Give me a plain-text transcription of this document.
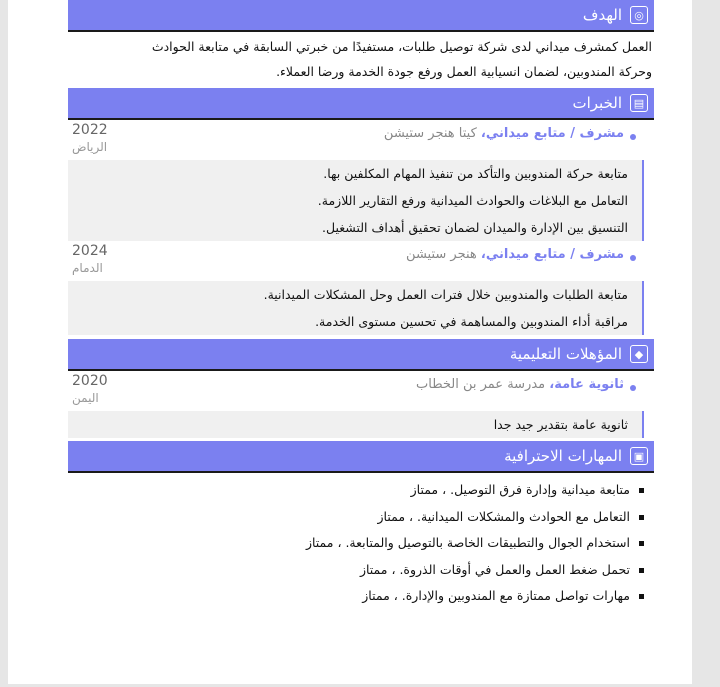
◎
الهدف
العمل كمشرف ميداني لدى شركة توصيل طلبات، مستفيدًا من خبرتي السابقة في متابعة الحوادث
وحركة المندوبين، لضمان انسيابية العمل ورفع جودة الخدمة ورضا العملاء.
▤
الخبرات
مشرف / متابع ميداني، كيتا هنجر ستيشن
2022
الرياض
متابعة حركة المندوبين والتأكد من تنفيذ المهام المكلفين بها.
التعامل مع البلاغات والحوادث الميدانية ورفع التقارير اللازمة.
التنسيق بين الإدارة والميدان لضمان تحقيق أهداف التشغيل.
مشرف / متابع ميداني، هنجر ستيشن
2024
الدمام
متابعة الطلبات والمندوبين خلال فترات العمل وحل المشكلات الميدانية.
مراقبة أداء المندوبين والمساهمة في تحسين مستوى الخدمة.
◆
المؤهلات التعليمية
ثانوية عامة، مدرسة عمر بن الخطاب
2020
اليمن
ثانوية عامة بتقدير جيد جدا
▣
المهارات الاحترافية
متابعة ميدانية وإدارة فرق التوصيل. ، ممتاز
التعامل مع الحوادث والمشكلات الميدانية. ، ممتاز
استخدام الجوال والتطبيقات الخاصة بالتوصيل والمتابعة. ، ممتاز
تحمل ضغط العمل والعمل في أوقات الذروة. ، ممتاز
مهارات تواصل ممتازة مع المندوبين والإدارة. ، ممتاز
